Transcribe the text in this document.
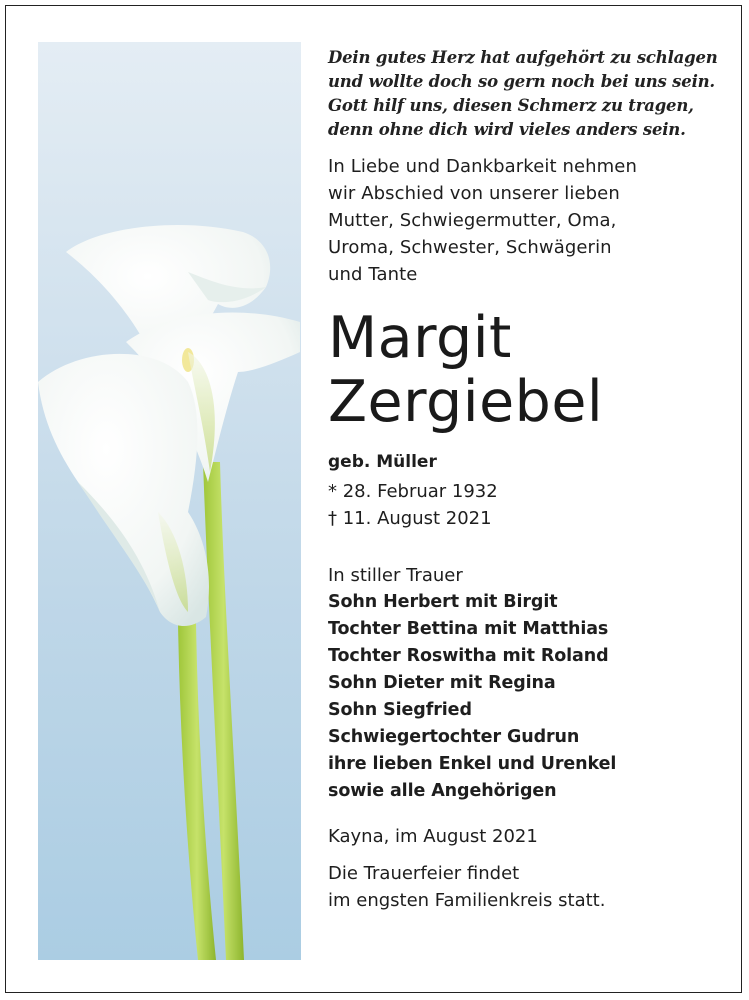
Dein gutes Herz hat aufgehört zu schlagen
und wollte doch so gern noch bei uns sein.
Gott hilf uns, diesen Schmerz zu tragen,
denn ohne dich wird vieles anders sein.
In Liebe und Dankbarkeit nehmen
wir Abschied von unserer lieben
Mutter, Schwiegermutter, Oma,
Uroma, Schwester, Schwägerin
und Tante
Margit
Zergiebel
geb. Müller
* 28. Februar 1932
† 11. August 2021
In stiller Trauer
Sohn Herbert mit Birgit
Tochter Bettina mit Matthias
Tochter Roswitha mit Roland
Sohn Dieter mit Regina
Sohn Siegfried
Schwiegertochter Gudrun
ihre lieben Enkel und Urenkel
sowie alle Angehörigen
Kayna, im August 2021
Die Trauerfeier findet
im engsten Familienkreis statt.
